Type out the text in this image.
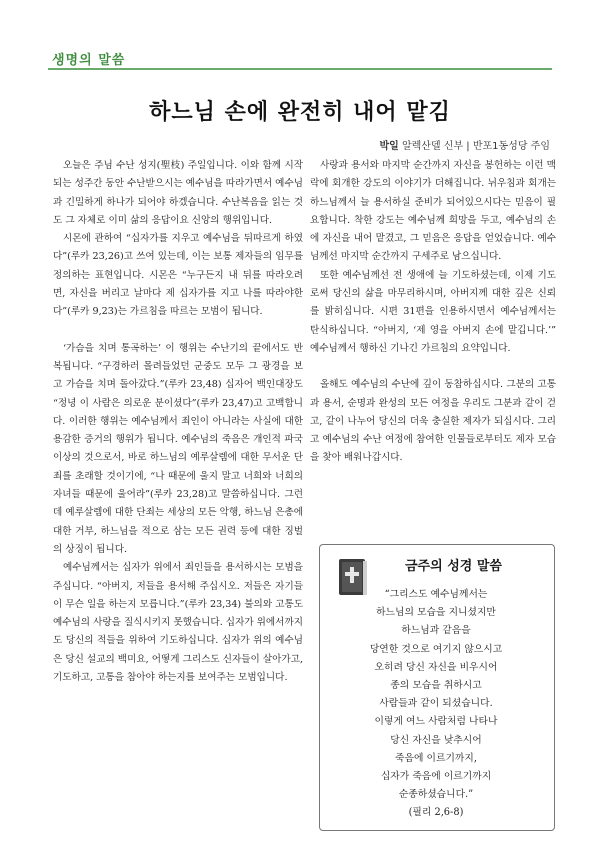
생명의 말씀
하느님 손에 완전히 내어 맡김
박일 알렉산델 신부 | 반포1동성당 주임

오늘은 주님 수난 성지(聖枝) 주일입니다. 이와 함께 시작되는 성주간 동안 수난받으시는 예수님을 따라가면서 예수님과 긴밀하게 하나가 되어야 하겠습니다. 수난복음을 읽는 것도 그 자체로 이미 삶의 응답이요 신앙의 행위입니다.

시몬에 관하여 “십자가를 지우고 예수님을 뒤따르게 하였다”(루카 23,26)고 쓰여 있는데, 이는 보통 제자들의 임무를 정의하는 표현입니다. 시몬은 “누구든지 내 뒤를 따라오려면, 자신을 버리고 날마다 제 십자가를 지고 나를 따라야한다”(루카 9,23)는 가르침을 따르는 모범이 됩니다.

‘가슴을 치며 통곡하는’ 이 행위는 수난기의 끝에서도 반복됩니다. “구경하러 몰려들었던 군중도 모두 그 광경을 보고 가슴을 치며 돌아갔다.”(루카 23,48) 십자어 백인대장도 “정녕 이 사람은 의로운 분이셨다”(루카 23,47)고 고백합니다. 이러한 행위는 예수님께서 죄인이 아니라는 사실에 대한 용감한 증거의 행위가 됩니다. 예수님의 죽음은 개인적 파국 이상의 것으로서, 바로 하느님의 예루살렘에 대한 무서운 단죄를 초래할 것이기에, “나 때문에 울지 말고 너희와 너희의 자녀들 때문에 울어라”(루카 23,28)고 말씀하십니다. 그런데 예루살렘에 대한 단죄는 세상의 모든 악행, 하느님 은총에 대한 거부, 하느님을 적으로 삼는 모든 권력 등에 대한 징벌의 상징이 됩니다.

예수님께서는 십자가 위에서 죄인들을 용서하시는 모범을 주십니다. “아버지, 저들을 용서해 주십시오. 저들은 자기들이 무슨 일을 하는지 모릅니다.”(루카 23,34) 불의와 고통도 예수님의 사랑을 질식시키지 못했습니다. 십자가 위에서까지도 당신의 적들을 위하여 기도하십니다. 십자가 위의 예수님은 당신 설교의 백미요, 어떻게 그리스도 신자들이 살아가고, 기도하고, 고통을 참아야 하는지를 보여주는 모범입니다.

사랑과 용서와 마지막 순간까지 자신을 봉헌하는 이런 맥락에 회개한 강도의 이야기가 더해집니다. 뉘우침과 회개는 하느님께서 늘 용서하실 준비가 되어있으시다는 믿음이 필요합니다. 착한 강도는 예수님께 희망을 두고, 예수님의 손에 자신을 내어 맡겼고, 그 믿음은 응답을 얻었습니다. 예수님께선 마지막 순간까지 구세주로 남으십니다.

또한 예수님께선 전 생애에 늘 기도하셨는데, 이제 기도로써 당신의 삶을 마무리하시며, 아버지께 대한 깊은 신뢰를 밝히십니다. 시편 31편을 인용하시면서 예수님께서는 탄식하십니다. “아버지, ‘제 영을 아버지 손에 맡깁니다.’” 예수님께서 행하신 기나긴 가르침의 요약입니다.

올해도 예수님의 수난에 깊이 동참하십시다. 그분의 고통과 용서, 순명과 완성의 모든 여정을 우리도 그분과 같이 걷고, 같이 나누어 당신의 더욱 충실한 제자가 되십시다. 그리고 예수님의 수난 여정에 참여한 인물들로부터도 제자 모습을 찾아 배워나갑시다.

금주의 성경 말씀
“그리스도 예수님께서는
하느님의 모습을 지니셨지만
하느님과 같음을
당연한 것으로 여기지 않으시고
오히려 당신 자신을 비우시어
종의 모습을 취하시고
사람들과 같이 되셨습니다.
이렇게 여느 사람처럼 나타나
당신 자신을 낮추시어
죽음에 이르기까지,
십자가 죽음에 이르기까지
순종하셨습니다.”
(필리 2,6-8)
